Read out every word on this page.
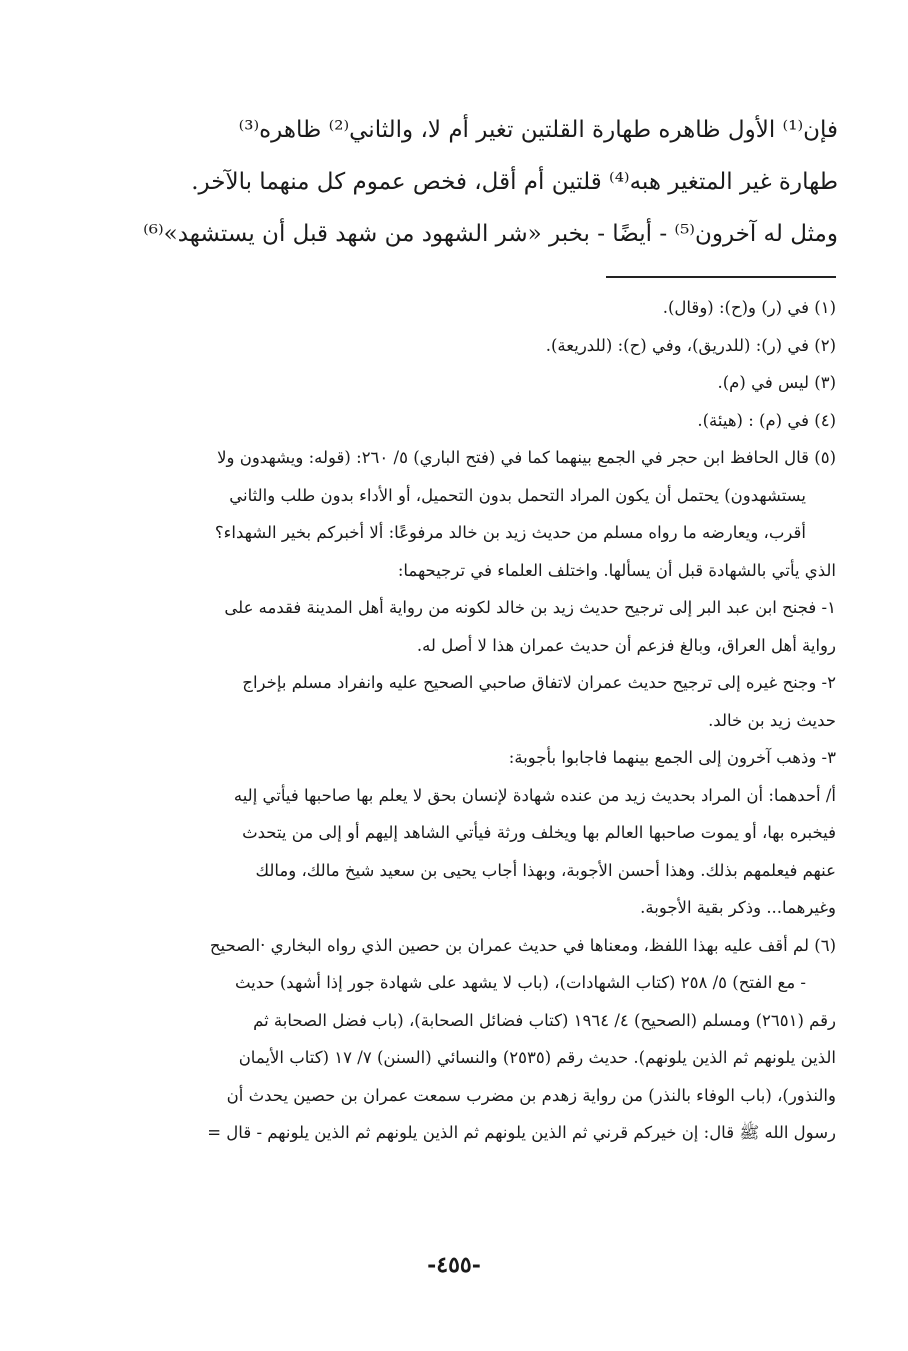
فإن⁽¹⁾ الأول ظاهره طهارة القلتين تغير أم لا، والثاني⁽²⁾ ظاهره⁽³⁾
طهارة غير المتغير هبه⁽⁴⁾ قلتين أم أقل، فخص عموم كل منهما بالآخر.
ومثل له آخرون⁽⁵⁾ - أيضًا - بخبر «شر الشهود من شهد قبل أن يستشهد»⁽⁶⁾
(١) في (ر) و(ح): (وقال).
(٢) في (ر): (للدريق)، وفي (ح): (للدريعة).
(٣) ليس في (م).
(٤) في (م) : (هيئة).
(٥) قال الحافظ ابن حجر في الجمع بينهما كما في (فتح الباري) ٥/ ٢٦٠: (قوله: ويشهدون ولا
يستشهدون) يحتمل أن يكون المراد التحمل بدون التحميل، أو الأداء بدون طلب والثاني
أقرب، ويعارضه ما رواه مسلم من حديث زيد بن خالد مرفوعًا: ألا أخبركم بخير الشهداء؟
الذي يأتي بالشهادة قبل أن يسألها. واختلف العلماء في ترجيحهما:
١- فجنح ابن عبد البر إلى ترجيح حديث زيد بن خالد لكونه من رواية أهل المدينة فقدمه على
رواية أهل العراق، وبالغ فزعم أن حديث عمران هذا لا أصل له.
٢- وجنح غيره إلى ترجيح حديث عمران لاتفاق صاحبي الصحيح عليه وانفراد مسلم بإخراج
حديث زيد بن خالد.
٣- وذهب آخرون إلى الجمع بينهما فاجابوا بأجوبة:
أ/ أحدهما: أن المراد بحديث زيد من عنده شهادة لإنسان بحق لا يعلم بها صاحبها فيأتي إليه
فيخبره بها، أو يموت صاحبها العالم بها ويخلف ورثة فيأتي الشاهد إليهم أو إلى من يتحدث
عنهم فيعلمهم بذلك. وهذا أحسن الأجوبة، وبهذا أجاب يحيى بن سعيد شيخ مالك، ومالك
وغيرهما... وذكر بقية الأجوبة.
(٦) لم أقف عليه بهذا اللفظ، ومعناها في حديث عمران بن حصين الذي رواه البخاري ·الصحيح
- مع الفتح) ٥/ ٢٥٨ (كتاب الشهادات)، (باب لا يشهد على شهادة جور إذا أشهد) حديث
رقم (٢٦٥١) ومسلم (الصحيح) ٤/ ١٩٦٤ (كتاب فضائل الصحابة)، (باب فضل الصحابة ثم
الذين يلونهم ثم الذين يلونهم). حديث رقم (٢٥٣٥) والنسائي (السنن) ٧/ ١٧ (كتاب الأيمان
والنذور)، (باب الوفاء بالنذر) من رواية زهدم بن مضرب سمعت عمران بن حصين يحدث أن
رسول الله ﷺ قال: إن خيركم قرني ثم الذين يلونهم ثم الذين يلونهم ثم الذين يلونهم - قال =
-٤٥٥-
